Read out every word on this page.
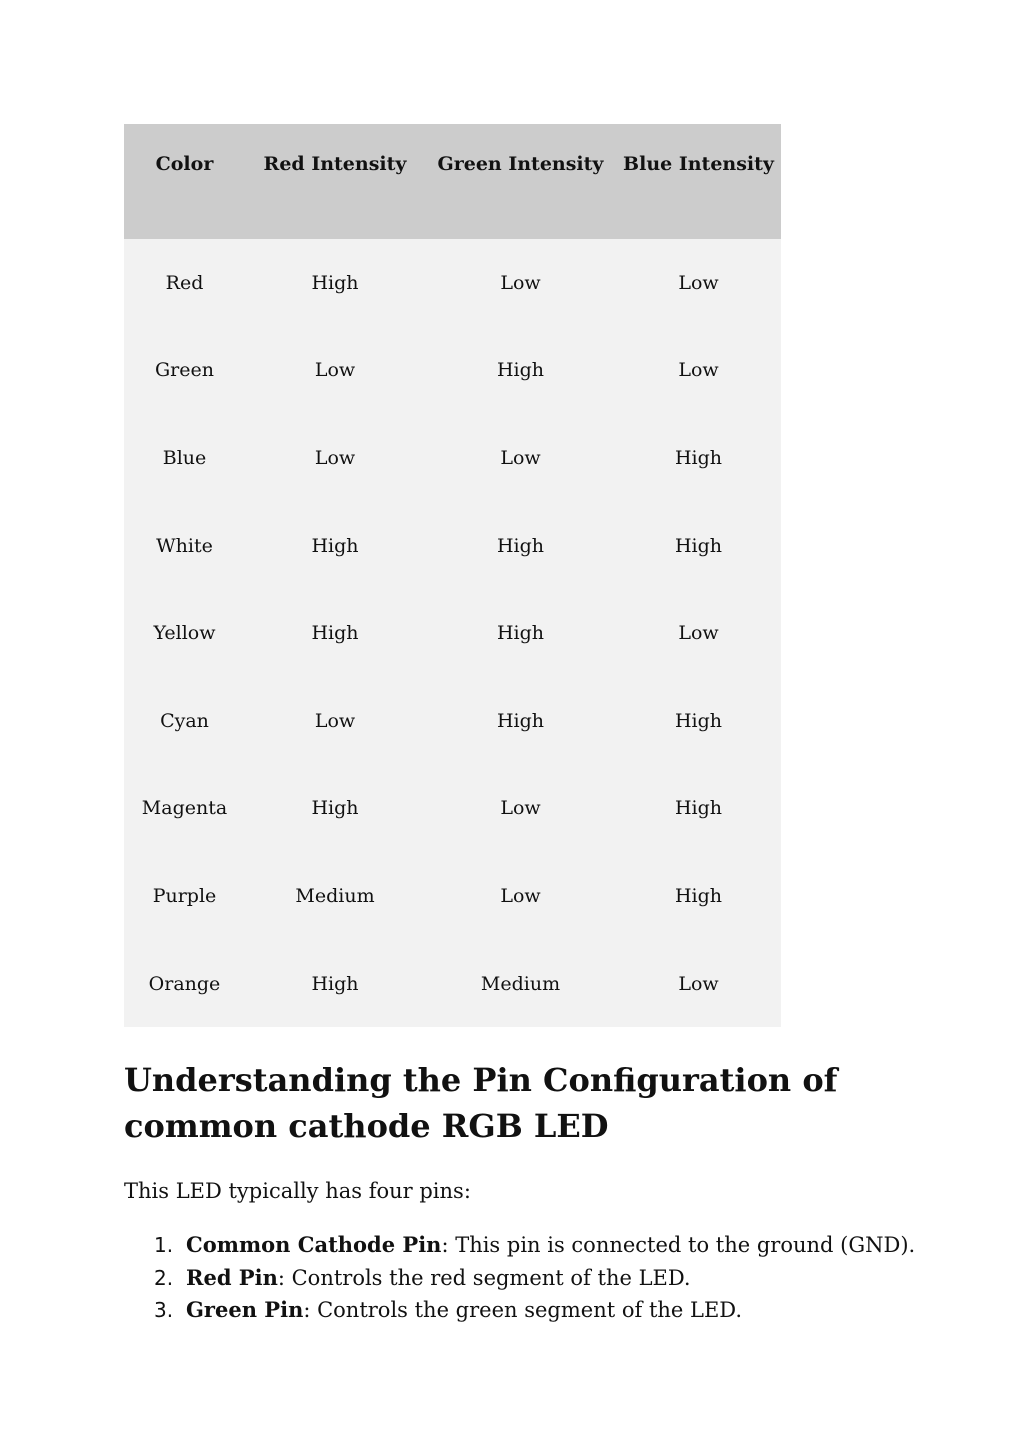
Color	Red Intensity	Green Intensity	Blue Intensity
Red	High	Low	Low
Green	Low	High	Low
Blue	Low	Low	High
White	High	High	High
Yellow	High	High	Low
Cyan	Low	High	High
Magenta	High	Low	High
Purple	Medium	Low	High
Orange	High	Medium	Low
Understanding the Pin Configuration of common cathode RGB LED

This LED typically has four pins:

1. Common Cathode Pin: This pin is connected to the ground (GND).
2. Red Pin: Controls the red segment of the LED.
3. Green Pin: Controls the green segment of the LED.
